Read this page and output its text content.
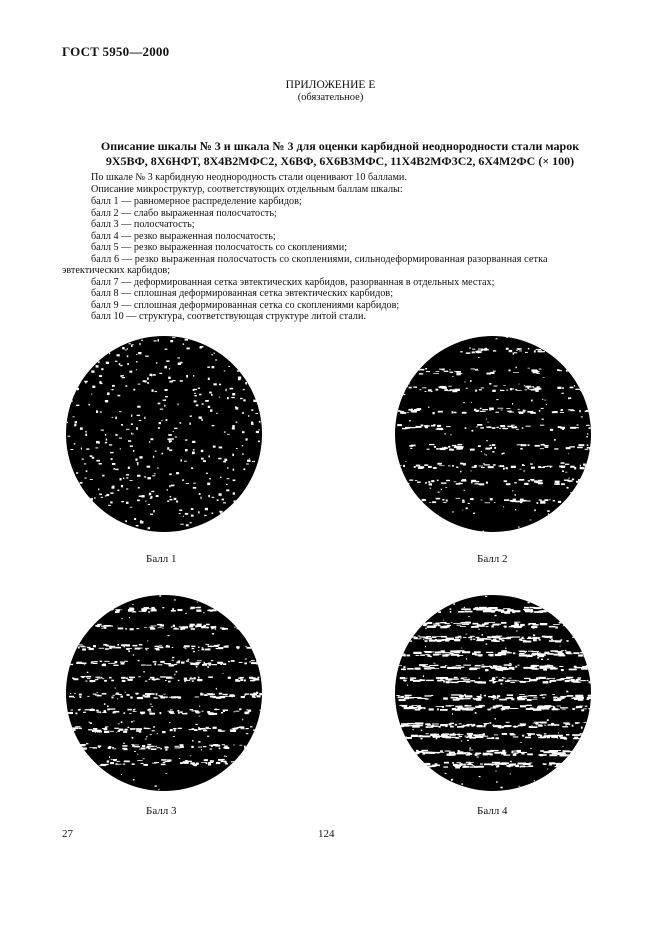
ГОСТ 5950—2000
ПРИЛОЖЕНИЕ Е
(обязательное)
Описание шкалы № 3 и шкала № 3 для оценки карбидной неоднородности стали марок
9Х5ВФ, 8Х6НФТ, 8Х4В2МФС2, Х6ВФ, 6Х6В3МФС, 11Х4В2МФ3С2, 6Х4М2ФС (× 100)
По шкале № 3 карбидную неоднородность стали оценивают 10 баллами.
Описание микроструктур, соответствующих отдельным баллам шкалы:
балл 1 — равномерное распределение карбидов;
балл 2 — слабо выраженная полосчатость;
балл 3 — полосчатость;
балл 4 — резко выраженная полосчатость;
балл 5 — резко выраженная полосчатость со скоплениями;
балл 6 — резко выраженная полосчатость со скоплениями, сильнодеформированная разорванная сетка
эвтектических карбидов;
балл 7 — деформированная сетка эвтектических карбидов, разорванная в отдельных местах;
балл 8 — сплошная деформированная сетка эвтектических карбидов;
балл 9 — сплошная деформированная сетка со скоплениями карбидов;
балл 10 — структура, соответствующая структуре литой стали.
Балл 1	Балл 2
Балл 3	Балл 4
27	124
